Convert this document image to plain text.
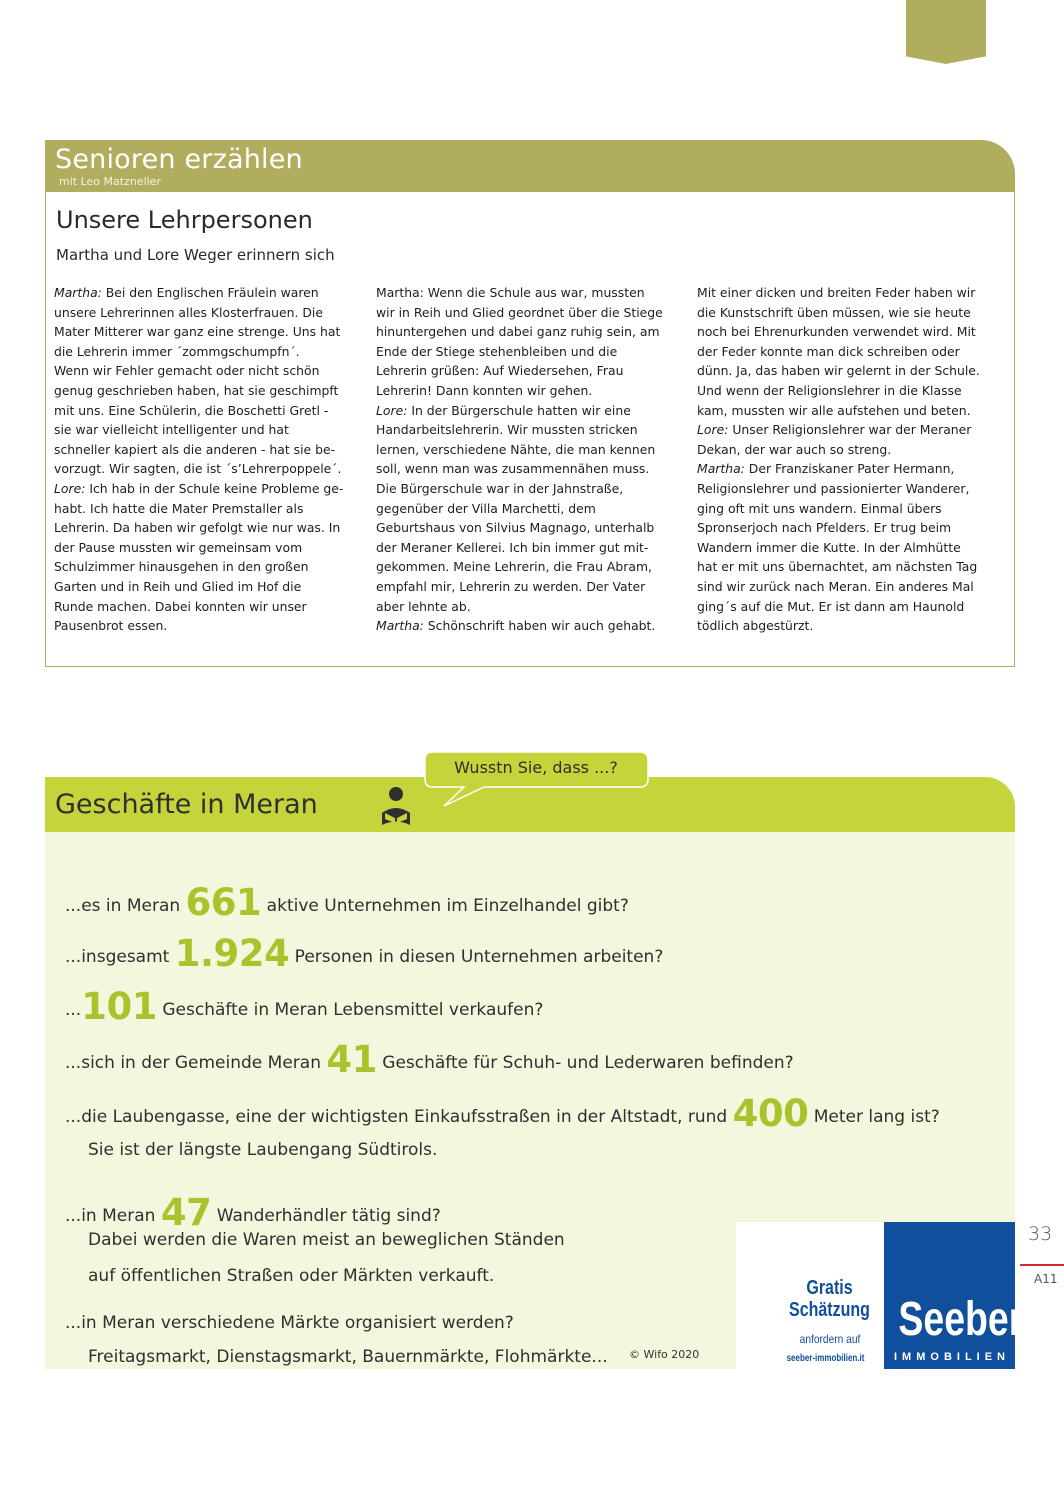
Senioren erzählen
mit Leo Matzneller
Unsere Lehrpersonen
Martha und Lore Weger erinnern sich

Martha: Bei den Englischen Fräulein waren

unsere Lehrerinnen alles Klosterfrauen. Die

Mater Mitterer war ganz eine strenge. Uns hat

die Lehrerin immer ´zommgschumpfn´.

Wenn wir Fehler gemacht oder nicht schön

genug geschrieben haben, hat sie geschimpft

mit uns. Eine Schülerin, die Boschetti Gretl -

sie war vielleicht intelligenter und hat

schneller kapiert als die anderen - hat sie be-

vorzugt. Wir sagten, die ist ´s’Lehrerpoppele´.

Lore: Ich hab in der Schule keine Probleme ge-

habt. Ich hatte die Mater Premstaller als

Lehrerin. Da haben wir gefolgt wie nur was. In

der Pause mussten wir gemeinsam vom

Schulzimmer hinausgehen in den großen

Garten und in Reih und Glied im Hof die

Runde machen. Dabei konnten wir unser

Pausenbrot essen.

Martha: Wenn die Schule aus war, mussten

wir in Reih und Glied geordnet über die Stiege

hinuntergehen und dabei ganz ruhig sein, am

Ende der Stiege stehenbleiben und die

Lehrerin grüßen: Auf Wiedersehen, Frau

Lehrerin! Dann konnten wir gehen.

Lore: In der Bürgerschule hatten wir eine

Handarbeitslehrerin. Wir mussten stricken

lernen, verschiedene Nähte, die man kennen

soll, wenn man was zusammennähen muss.

Die Bürgerschule war in der Jahnstraße,

gegenüber der Villa Marchetti, dem

Geburtshaus von Silvius Magnago, unterhalb

der Meraner Kellerei. Ich bin immer gut mit-

gekommen. Meine Lehrerin, die Frau Abram,

empfahl mir, Lehrerin zu werden. Der Vater

aber lehnte ab.

Martha: Schönschrift haben wir auch gehabt.

Mit einer dicken und breiten Feder haben wir

die Kunstschrift üben müssen, wie sie heute

noch bei Ehrenurkunden verwendet wird. Mit

der Feder konnte man dick schreiben oder

dünn. Ja, das haben wir gelernt in der Schule.

Und wenn der Religionslehrer in die Klasse

kam, mussten wir alle aufstehen und beten.

Lore: Unser Religionslehrer war der Meraner

Dekan, der war auch so streng.

Martha: Der Franziskaner Pater Hermann,

Religionslehrer und passionierter Wanderer,

ging oft mit uns wandern. Einmal übers

Spronserjoch nach Pfelders. Er trug beim

Wandern immer die Kutte. In der Almhütte

hat er mit uns übernachtet, am nächsten Tag

sind wir zurück nach Meran. Ein anderes Mal

ging´s auf die Mut. Er ist dann am Haunold

tödlich abgestürzt.

Geschäfte in Meran
Wusstn Sie, dass ...?
...es in Meran 661 aktive Unternehmen im Einzelhandel gibt?
...insgesamt 1.924 Personen in diesen Unternehmen arbeiten?
...101 Geschäfte in Meran Lebensmittel verkaufen?
...sich in der Gemeinde Meran 41 Geschäfte für Schuh- und Lederwaren befinden?
...die Laubengasse, eine der wichtigsten Einkaufsstraßen in der Altstadt, rund 400 Meter lang ist?
Sie ist der längste Laubengang Südtirols.
...in Meran 47 Wanderhändler tätig sind?
Dabei werden die Waren meist an beweglichen Ständen
auf öffentlichen Straßen oder Märkten verkauft.
...in Meran verschiedene Märkte organisiert werden?
Freitagsmarkt, Dienstagsmarkt, Bauernmärkte, Flohmärkte... © Wifo 2020
Gratis
Schätzung
anfordern auf
seeber-immobilien.it
Seeber
IMMOBILIEN
33
A11
